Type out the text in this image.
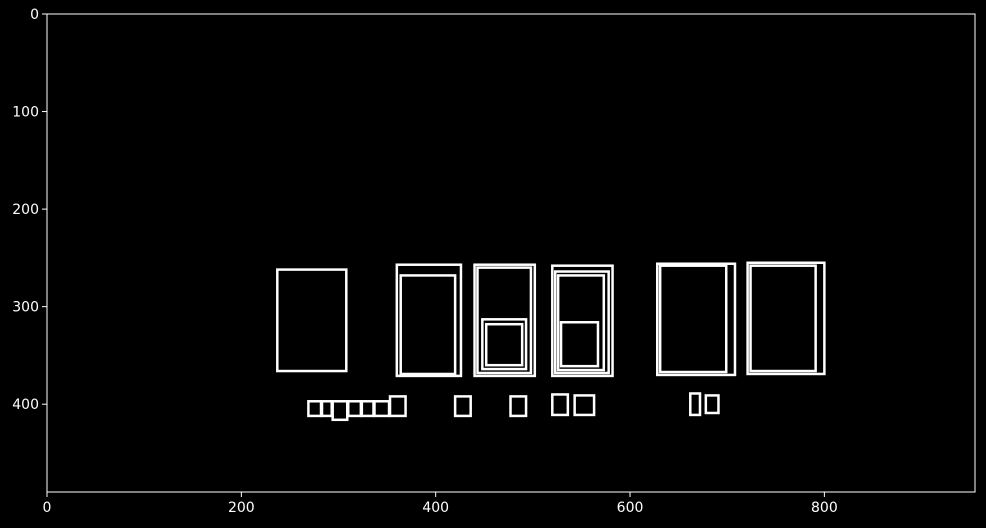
0	200	400	600	800
0
100
200
300
400
